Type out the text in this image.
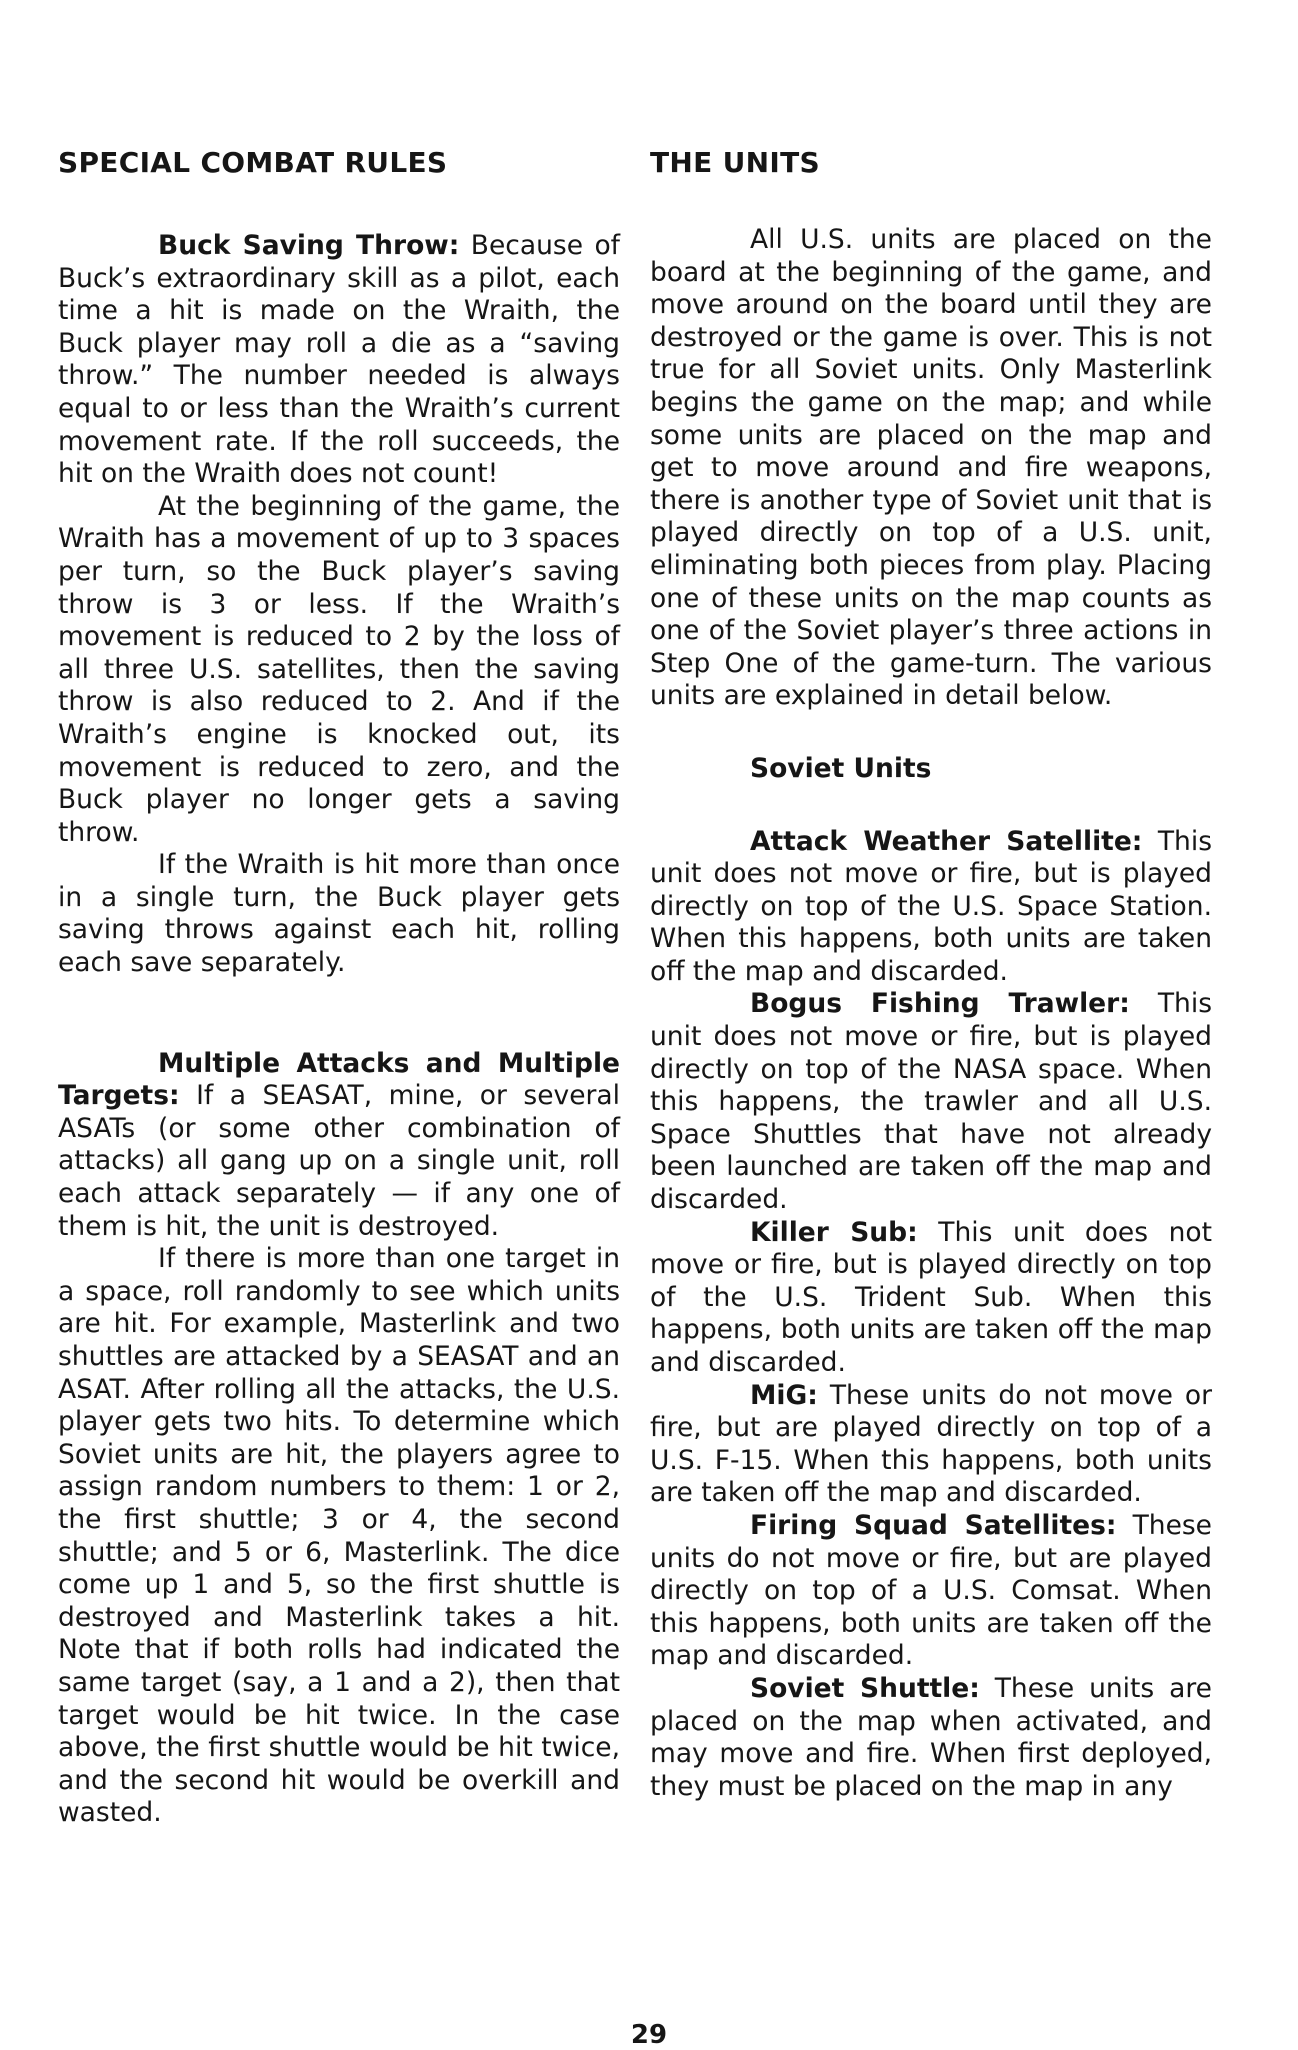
SPECIAL COMBAT RULES

Buck Saving Throw: Because of Buck’s extraordinary skill as a pilot, each time a hit is made on the Wraith, the Buck player may roll a die as a “saving throw.” The number needed is always equal to or less than the Wraith’s current movement rate. If the roll succeeds, the hit on the Wraith does not count!

At the beginning of the game, the Wraith has a movement of up to 3 spaces per turn, so the Buck player’s saving throw is 3 or less. If the Wraith’s movement is reduced to 2 by the loss of all three U.S. satellites, then the saving throw is also reduced to 2. And if the Wraith’s engine is knocked out, its movement is reduced to zero, and the Buck player no longer gets a saving throw.

If the Wraith is hit more than once in a single turn, the Buck player gets saving throws against each hit, rolling each save separately.

Multiple Attacks and Multiple Targets: If a SEASAT, mine, or several ASATs (or some other combination of attacks) all gang up on a single unit, roll each attack separately — if any one of them is hit, the unit is destroyed.

If there is more than one target in a space, roll randomly to see which units are hit. For example, Masterlink and two shuttles are attacked by a SEASAT and an ASAT. After rolling all the attacks, the U.S. player gets two hits. To determine which Soviet units are hit, the players agree to assign random numbers to them: 1 or 2, the first shuttle; 3 or 4, the second shuttle; and 5 or 6, Masterlink. The dice come up 1 and 5, so the first shuttle is destroyed and Masterlink takes a hit. Note that if both rolls had indicated the same target (say, a 1 and a 2), then that target would be hit twice. In the case above, the first shuttle would be hit twice, and the second hit would be overkill and wasted.

THE UNITS

All U.S. units are placed on the board at the beginning of the game, and move around on the board until they are destroyed or the game is over. This is not true for all Soviet units. Only Masterlink begins the game on the map; and while some units are placed on the map and get to move around and fire weapons, there is another type of Soviet unit that is played directly on top of a U.S. unit, eliminating both pieces from play. Placing one of these units on the map counts as one of the Soviet player’s three actions in Step One of the game-turn. The various units are explained in detail below.

Soviet Units

Attack Weather Satellite: This unit does not move or fire, but is played directly on top of the U.S. Space Station. When this happens, both units are taken off the map and discarded.

Bogus Fishing Trawler: This unit does not move or fire, but is played directly on top of the NASA space. When this happens, the trawler and all U.S. Space Shuttles that have not already been launched are taken off the map and discarded.

Killer Sub: This unit does not move or fire, but is played directly on top of the U.S. Trident Sub. When this happens, both units are taken off the map and discarded.

MiG: These units do not move or fire, but are played directly on top of a U.S. F-15. When this happens, both units are taken off the map and discarded.

Firing Squad Satellites: These units do not move or fire, but are played directly on top of a U.S. Comsat. When this happens, both units are taken off the map and discarded.

Soviet Shuttle: These units are placed on the map when activated, and may move and fire. When first deployed, they must be placed on the map in any

29
